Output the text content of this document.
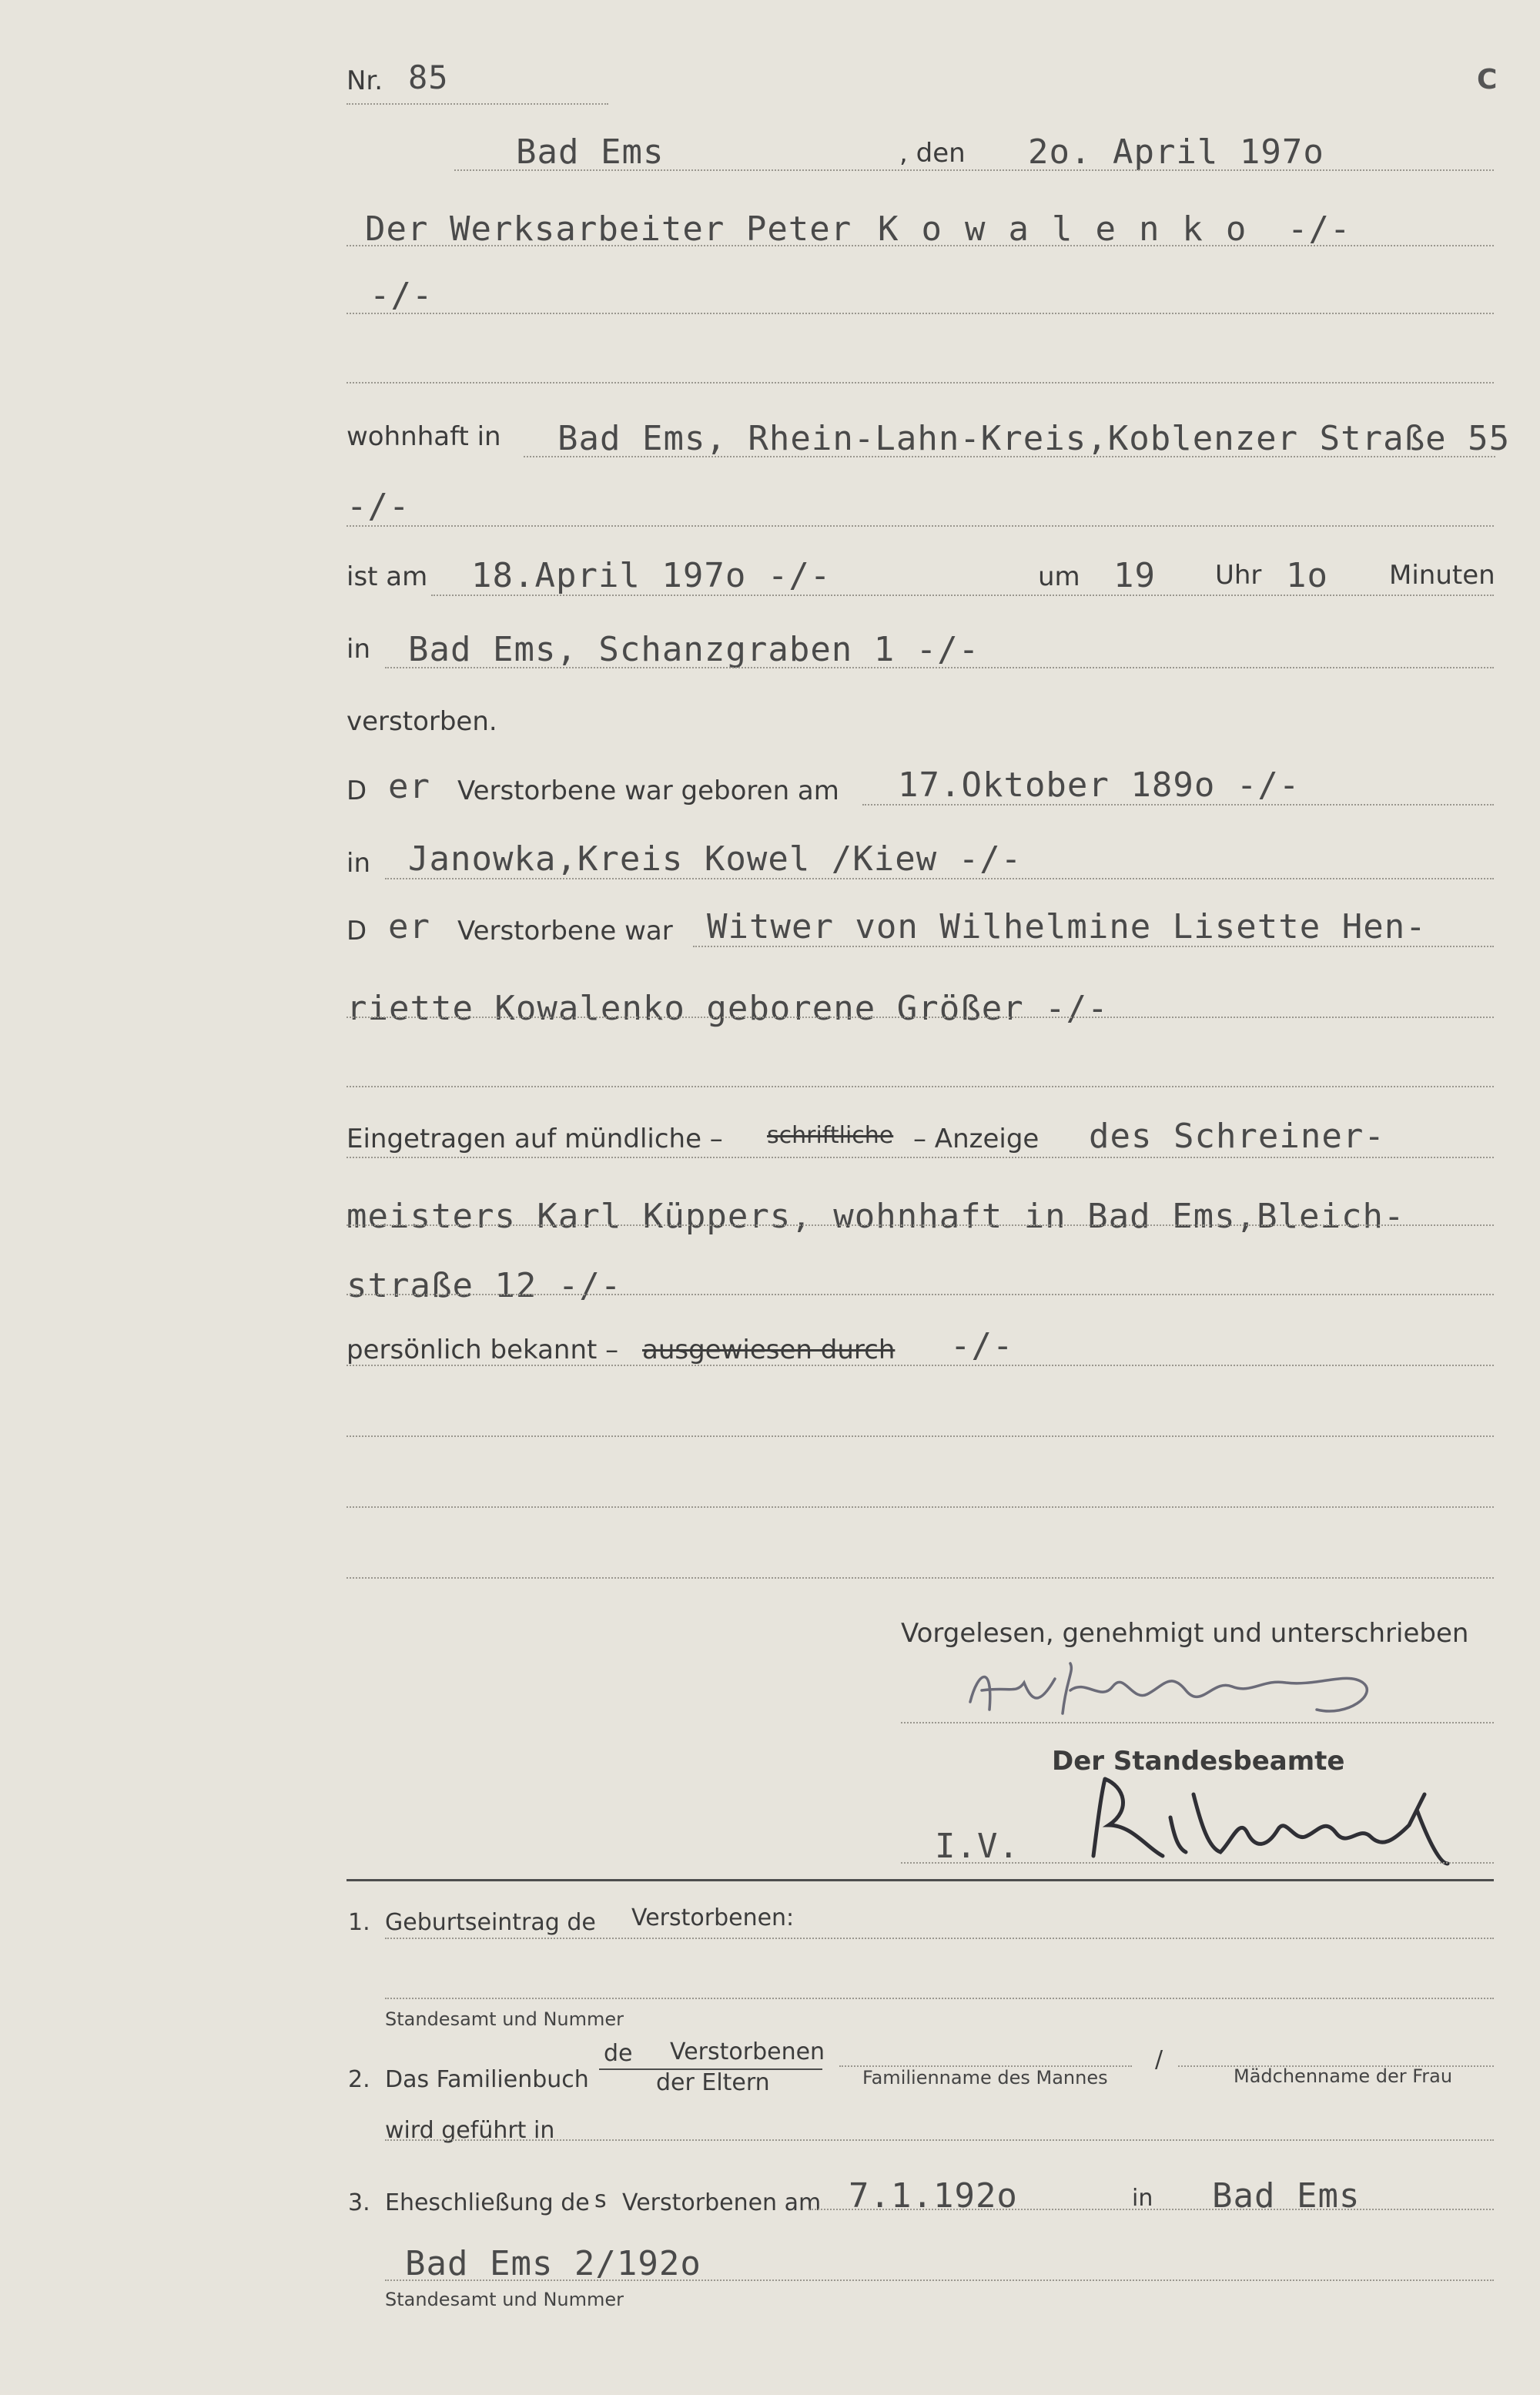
Nr. 85	C
Bad Ems	, den 2o. April 197o
Der Werksarbeiter Peter Kowalenko -/-
-/-
wohnhaft in Bad Ems, Rhein-Lahn-Kreis,Koblenzer Straße 55
-/-
ist am 18.April 197o -/-	um 19 Uhr 1o Minuten
in Bad Ems, Schanzgraben 1 -/-
verstorben.
D er Verstorbene war geboren am 17.Oktober 189o -/-
in Janowka,Kreis Kowel /Kiew -/-
D er Verstorbene war Witwer von Wilhelmine Lisette Hen-
riette Kowalenko geborene Größer -/-
Eingetragen auf mündliche – schriftliche – Anzeige des Schreiner-
meisters Karl Küppers, wohnhaft in Bad Ems,Bleich-
straße 12 -/-
persönlich bekannt – ausgewiesen durch -/-
Vorgelesen, genehmigt und unterschrieben
Der Standesbeamte
I.V.
1. Geburtseintrag de Verstorbenen:
Standesamt und Nummer
de Verstorbenen
der Eltern
2. Das Familienbuch
/
Familienname des Mannes	Mädchenname der Frau
wird geführt in
3. Eheschließung de s Verstorbenen am 7.1.192o	in Bad Ems
Bad Ems 2/192o
Standesamt und Nummer
